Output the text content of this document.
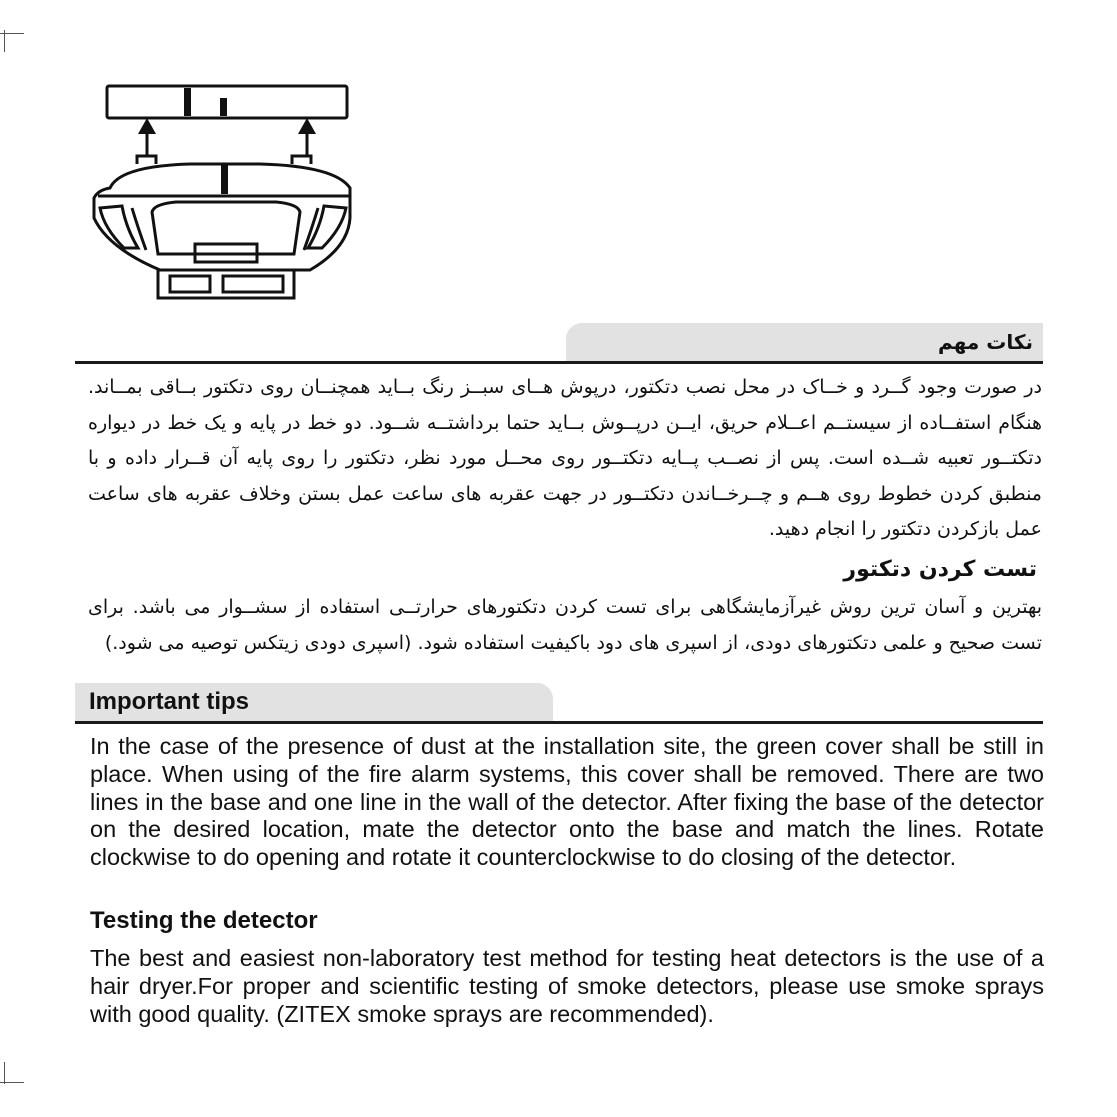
نکات مهم

در صورت وجود گــرد و خــاک در محل نصب دتکتور، درپوش هــای سبــز رنگ بــاید همچنــان روی دتکتور بــاقی بمــاند. هنگام استفــاده از سیستــم اعــلام حریق، ایــن درپــوش بــاید حتما برداشتــه شــود. دو خط در پایه و یک خط در دیواره دتکتــور تعبیه شــده است. پس از نصــب پــایه دتکتــور روی محــل مورد نظر، دتکتور را روی پایه آن قــرار داده و با منطبق کردن خطوط روی هــم و چــرخــاندن دتکتــور در جهت عقربه های ساعت عمل بستن وخلاف عقربه های ساعت عمل بازکردن دتکتور را انجام دهید.

تست کردن دتکتور

بهترین و آسان ترین روش غیرآزمایشگاهی برای تست کردن دتکتورهای حرارتــی استفاده از سشــوار می باشد. برای تست صحیح و علمی دتکتورهای دودی، از اسپری های دود باکیفیت استفاده شود. (اسپری دودی زیتکس توصیه می شود.)

Important tips

In the case of the presence of dust at the installation site, the green cover shall be still in place. When using of the fire alarm systems, this cover shall be removed. There are two lines in the base and one line in the wall of the detector. After fixing the base of the detector on the desired location, mate the detector onto the base and match the lines. Rotate clockwise to do opening and rotate it counterclockwise to do closing of the detector.

Testing the detector

The best and easiest non-laboratory test method for testing heat detectors is the use of a hair dryer.For proper and scientific testing of smoke detectors, please use smoke sprays with good quality. (ZITEX smoke sprays are recommended).
